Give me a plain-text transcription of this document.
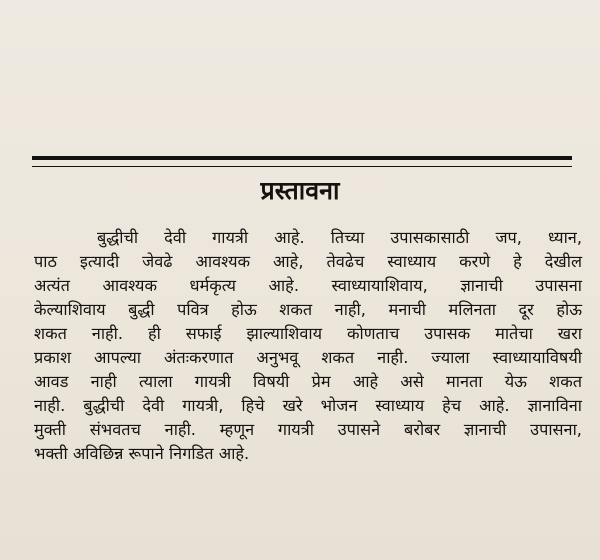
प्रस्तावना
बुद्धीची देवी गायत्री आहे. तिच्या उपासकासाठी जप, ध्यान,
पाठ इत्यादी जेवढे आवश्यक आहे, तेवढेच स्वाध्याय करणे हे देखील
अत्यंत आवश्यक धर्मकृत्य आहे. स्वाध्यायाशिवाय, ज्ञानाची उपासना
केल्याशिवाय बुद्धी पवित्र होऊ शकत नाही, मनाची मलिनता दूर होऊ
शकत नाही. ही सफाई झाल्याशिवाय कोणताच उपासक मातेचा खरा
प्रकाश आपल्या अंतःकरणात अनुभवू शकत नाही. ज्याला स्वाध्यायाविषयी
आवड नाही त्याला गायत्री विषयी प्रेम आहे असे मानता येऊ शकत
नाही. बुद्धीची देवी गायत्री, हिचे खरे भोजन स्वाध्याय हेच आहे. ज्ञानाविना
मुक्ती संभवतच नाही. म्हणून गायत्री उपासने बरोबर ज्ञानाची उपासना,
भक्ती अविछिन्न रूपाने निगडित आहे.
